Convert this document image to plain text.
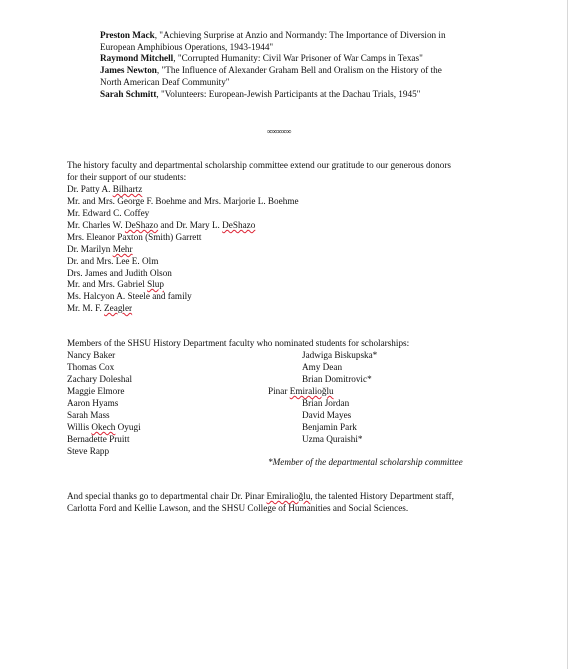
Preston Mack, "Achieving Surprise at Anzio and Normandy: The Importance of Diversion in
European Amphibious Operations, 1943-1944"
Raymond Mitchell, "Corrupted Humanity: Civil War Prisoner of War Camps in Texas"
James Newton, "The Influence of Alexander Graham Bell and Oralism on the History of the
North American Deaf Community"
Sarah Schmitt, "Volunteers: European-Jewish Participants at the Dachau Trials, 1945"
∞∞∞∞∞
The history faculty and departmental scholarship committee extend our gratitude to our generous donors
for their support of our students:
Dr. Patty A. Bilhartz
Mr. and Mrs. George F. Boehme and Mrs. Marjorie L. Boehme
Mr. Edward C. Coffey
Mr. Charles W. DeShazo and Dr. Mary L. DeShazo
Mrs. Eleanor Paxton (Smith) Garrett
Dr. Marilyn Mehr
Dr. and Mrs. Lee E. Olm
Drs. James and Judith Olson
Mr. and Mrs. Gabriel Slup
Ms. Halcyon A. Steele and family
Mr. M. F. Zeagler
Members of the SHSU History Department faculty who nominated students for scholarships:
Nancy Baker
Thomas Cox
Zachary Doleshal
Maggie Elmore
Aaron Hyams
Sarah Mass
Willis Okech Oyugi
Bernadette Pruitt
Steve Rapp
Jadwiga Biskupska*
Amy Dean
Brian Domitrovic*
Pinar Emiralioğlu
Brian Jordan
David Mayes
Benjamin Park
Uzma Quraishi*
*Member of the departmental scholarship committee
And special thanks go to departmental chair Dr. Pinar Emiralioğlu, the talented History Department staff,
Carlotta Ford and Kellie Lawson, and the SHSU College of Humanities and Social Sciences.
